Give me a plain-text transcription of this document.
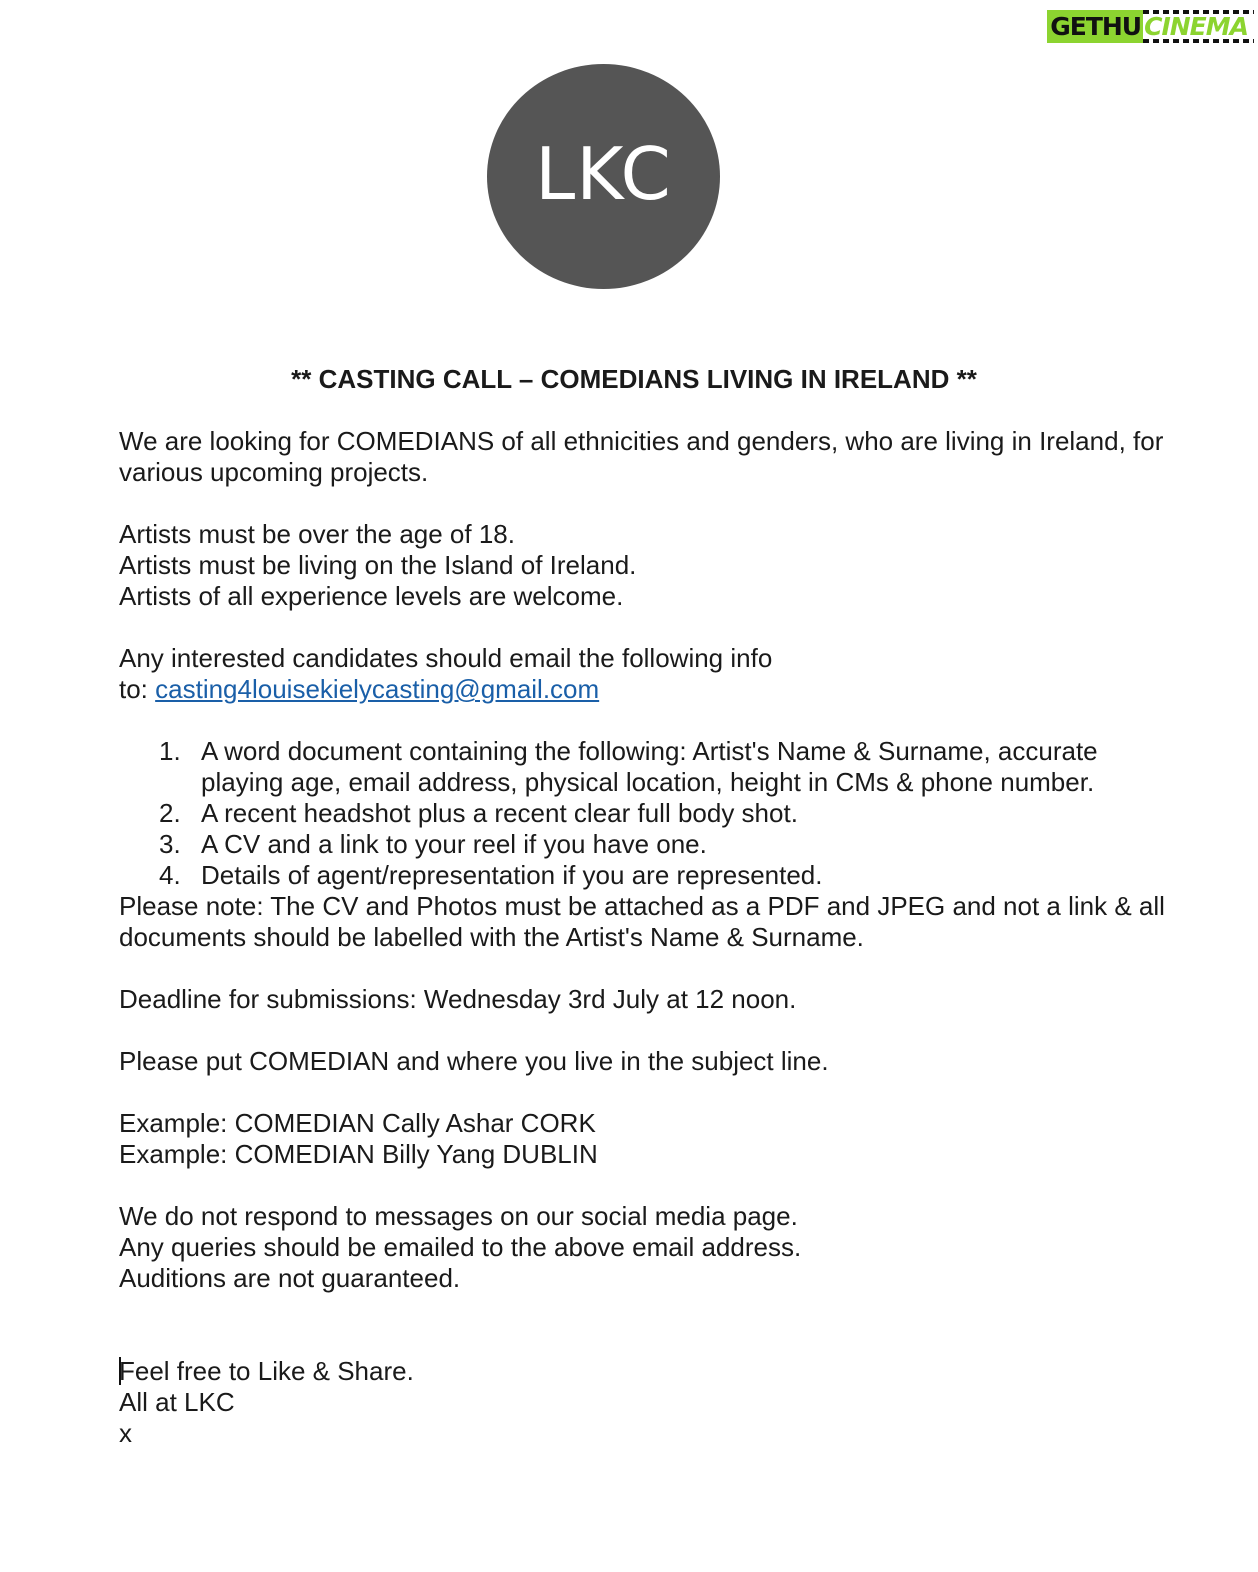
GETHU CINEMA
LKC
** CASTING CALL – COMEDIANS LIVING IN IRELAND **

We are looking for COMEDIANS of all ethnicities and genders, who are living in Ireland, for various upcoming projects.

Artists must be over the age of 18.

Artists must be living on the Island of Ireland.

Artists of all experience levels are welcome.

Any interested candidates should email the following info

to: casting4louisekielycasting@gmail.com

1. A word document containing the following: Artist's Name & Surname, accurate playing age, email address, physical location, height in CMs & phone number.
2. A recent headshot plus a recent clear full body shot.
3. A CV and a link to your reel if you have one.
4. Details of agent/representation if you are represented.

Please note: The CV and Photos must be attached as a PDF and JPEG and not a link & all documents should be labelled with the Artist's Name & Surname.

Deadline for submissions: Wednesday 3rd July at 12 noon.

Please put COMEDIAN and where you live in the subject line.

Example: COMEDIAN Cally Ashar CORK

Example: COMEDIAN Billy Yang DUBLIN

We do not respond to messages on our social media page.

Any queries should be emailed to the above email address.

Auditions are not guaranteed.

Feel free to Like & Share.

All at LKC

x
